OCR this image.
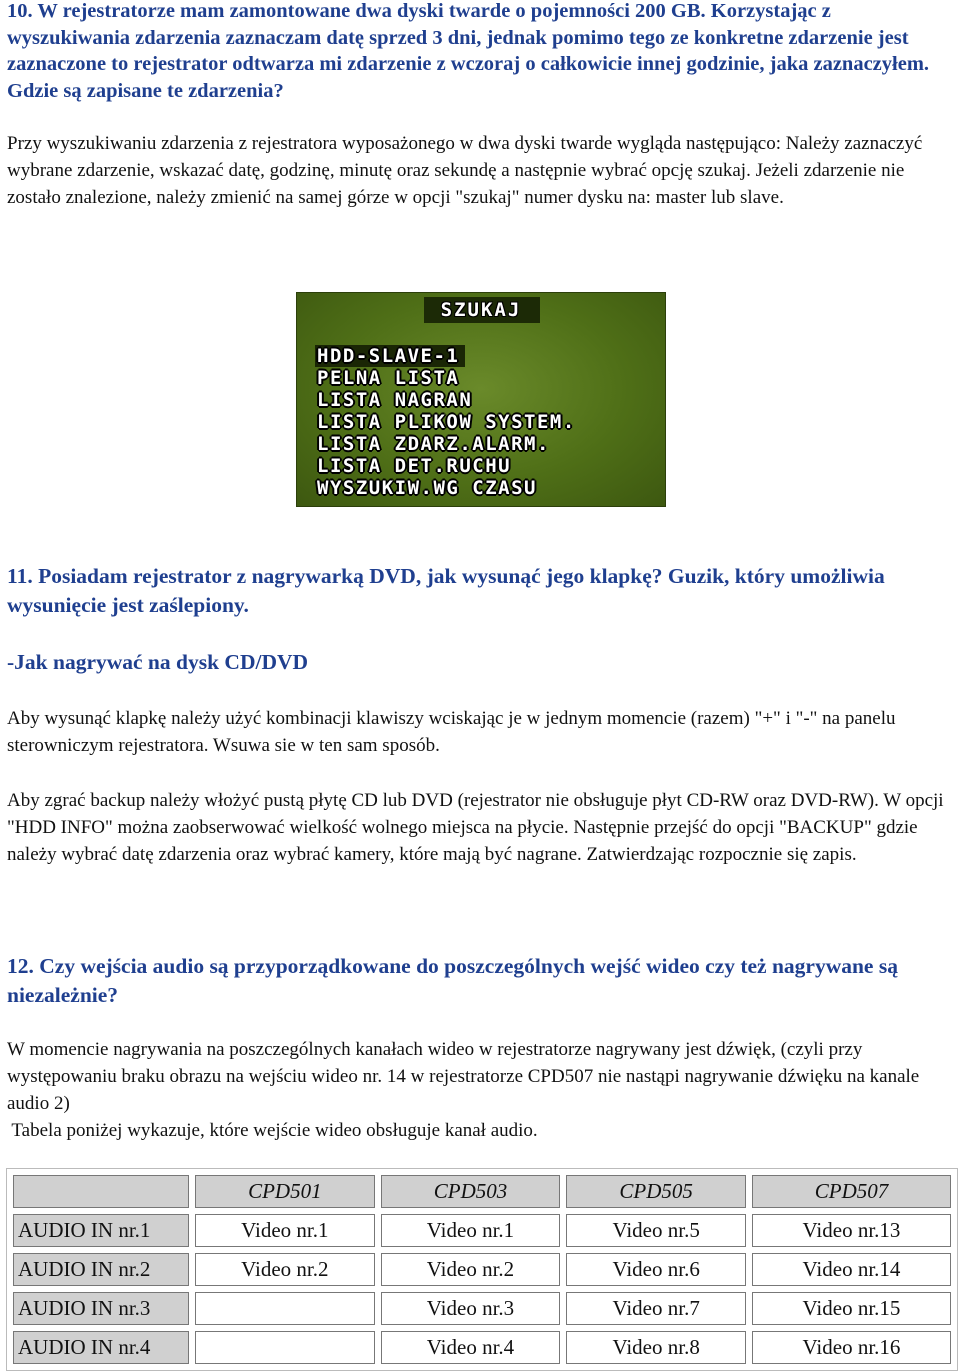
10. W rejestratorze mam zamontowane dwa dyski twarde o pojemności 200 GB. Korzystając z wyszukiwania zdarzenia zaznaczam datę sprzed 3 dni, jednak pomimo tego ze konkretne zdarzenie jest zaznaczone to rejestrator odtwarza mi zdarzenie z wczoraj o całkowicie innej godzinie, jaka zaznaczyłem. Gdzie są zapisane te zdarzenia?

Przy wyszukiwaniu zdarzenia z rejestratora wyposażonego w dwa dyski twarde wygląda następująco: Należy zaznaczyć wybrane zdarzenie, wskazać datę, godzinę, minutę oraz sekundę a następnie wybrać opcję szukaj. Jeżeli zdarzenie nie zostało znalezione, należy zmienić na samej górze w opcji "szukaj" numer dysku na: master lub slave.

SZUKAJ
HDD-SLAVE-1
PELNA LISTA
LISTA NAGRAN
LISTA PLIKOW SYSTEM.
LISTA ZDARZ.ALARM.
LISTA DET.RUCHU
WYSZUKIW.WG CZASU

11. Posiadam rejestrator z nagrywarką DVD, jak wysunąć jego klapkę? Guzik, który umożliwia wysunięcie jest zaślepiony.

-Jak nagrywać na dysk CD/DVD

Aby wysunąć klapkę należy użyć kombinacji klawiszy wciskając je w jednym momencie (razem) "+" i "-" na panelu sterowniczym rejestratora. Wsuwa sie w ten sam sposób.

Aby zgrać backup należy włożyć pustą płytę CD lub DVD (rejestrator nie obsługuje płyt CD-RW oraz DVD-RW). W opcji "HDD INFO" można zaobserwować wielkość wolnego miejsca na płycie. Następnie przejść do opcji "BACKUP" gdzie należy wybrać datę zdarzenia oraz wybrać kamery, które mają być nagrane. Zatwierdzając rozpocznie się zapis.

12. Czy wejścia audio są przyporządkowane do poszczególnych wejść wideo czy też nagrywane są niezależnie?

W momencie nagrywania na poszczególnych kanałach wideo w rejestratorze nagrywany jest dźwięk, (czyli przy występowaniu braku obrazu na wejściu wideo nr. 14 w rejestratorze CPD507 nie nastąpi nagrywanie dźwięku na kanale audio 2)
Tabela poniżej wykazuje, które wejście wideo obsługuje kanał audio.

	CPD501	CPD503	CPD505	CPD507
AUDIO IN nr.1	Video nr.1	Video nr.1	Video nr.5	Video nr.13
AUDIO IN nr.2	Video nr.2	Video nr.2	Video nr.6	Video nr.14
AUDIO IN nr.3		Video nr.3	Video nr.7	Video nr.15
AUDIO IN nr.4		Video nr.4	Video nr.8	Video nr.16
